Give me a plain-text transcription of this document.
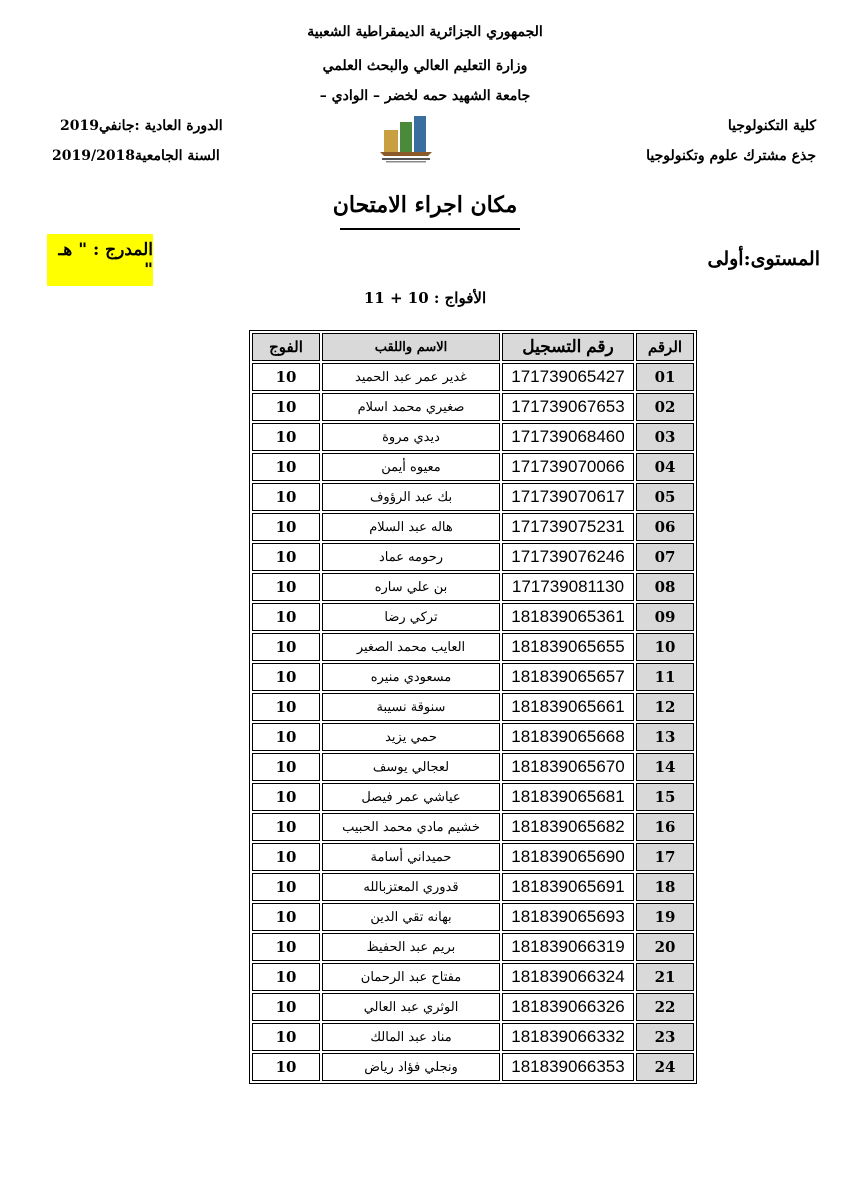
الجمهوري الجزائرية الديمقراطية الشعبية
وزارة التعليم العالي والبحث العلمي
جامعة الشهيد حمه لخضر – الوادي –
كلية التكنولوجيا
جذع مشترك علوم وتكنولوجيا
الدورة العادية :جانفي2019
السنة الجامعية2019/2018
مكان اجراء الامتحان
المدرج : " هـ "	المستوى:أولى
الأفواج : 10 + 11
الرقم	رقم التسجيل	الاسم واللقب	الفوج
01	171739065427	غدير عمر عبد الحميد	10
02	171739067653	صغيري محمد اسلام	10
03	171739068460	ديدي مروة	10
04	171739070066	معيوه أيمن	10
05	171739070617	بك عبد الرؤوف	10
06	171739075231	هاله عبد السلام	10
07	171739076246	رحومه عماد	10
08	171739081130	بن علي ساره	10
09	181839065361	تركي رضا	10
10	181839065655	العايب محمد الصغير	10
11	181839065657	مسعودي منيره	10
12	181839065661	سنوقة نسيبة	10
13	181839065668	حمي يزيد	10
14	181839065670	لعجالي يوسف	10
15	181839065681	عياشي عمر فيصل	10
16	181839065682	خشيم مادي محمد الحبيب	10
17	181839065690	حميداني أسامة	10
18	181839065691	قدوري المعتزبالله	10
19	181839065693	بهانه تقي الدين	10
20	181839066319	بريم عبد الحفيظ	10
21	181839066324	مفتاح عبد الرحمان	10
22	181839066326	الوثري عبد العالي	10
23	181839066332	مناد عبد المالك	10
24	181839066353	ونجلي فؤاد رياض	10
